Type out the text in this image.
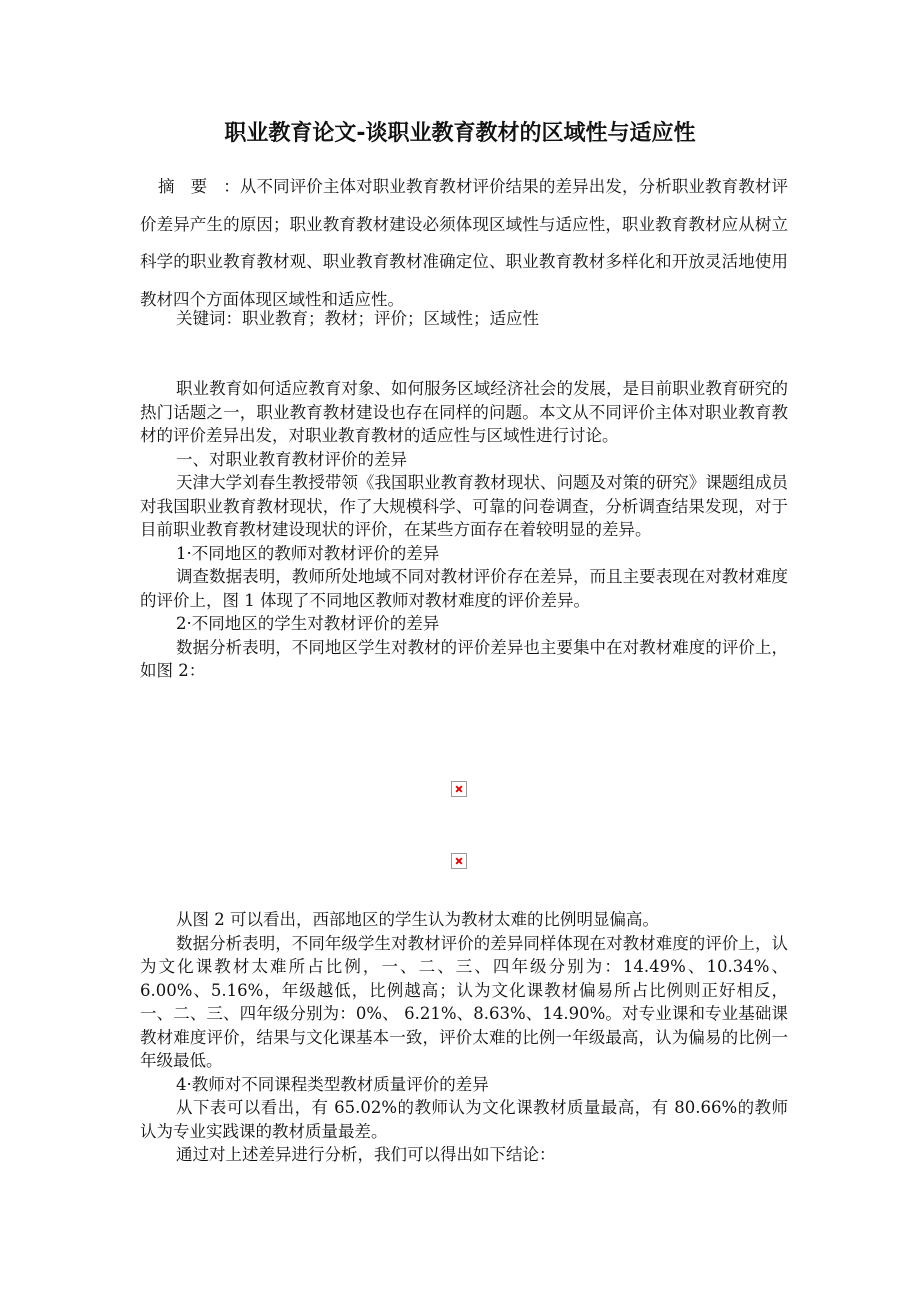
职业教育论文-谈职业教育教材的区域性与适应性
摘要：从不同评价主体对职业教育教材评价结果的差异出发，分析职业教育教材评价差异产生的原因；职业教育教材建设必须体现区域性与适应性，职业教育教材应从树立科学的职业教育教材观、职业教育教材准确定位、职业教育教材多样化和开放灵活地使用教材四个方面体现区域性和适应性。
关键词：职业教育；教材；评价；区域性；适应性

职业教育如何适应教育对象、如何服务区域经济社会的发展，是目前职业教育研究的热门话题之一，职业教育教材建设也存在同样的问题。本文从不同评价主体对职业教育教材的评价差异出发，对职业教育教材的适应性与区域性进行讨论。

一、对职业教育教材评价的差异

天津大学刘春生教授带领《我国职业教育教材现状、问题及对策的研究》课题组成员对我国职业教育教材现状，作了大规模科学、可靠的问卷调查，分析调查结果发现，对于目前职业教育教材建设现状的评价，在某些方面存在着较明显的差异。

1·不同地区的教师对教材评价的差异

调查数据表明，教师所处地域不同对教材评价存在差异，而且主要表现在对教材难度的评价上，图 1 体现了不同地区教师对教材难度的评价差异。

2·不同地区的学生对教材评价的差异

数据分析表明，不同地区学生对教材的评价差异也主要集中在对教材难度的评价上，如图 2：

从图 2 可以看出，西部地区的学生认为教材太难的比例明显偏高。

数据分析表明，不同年级学生对教材评价的差异同样体现在对教材难度的评价上，认为文化课教材太难所占比例，一、二、三、四年级分别为：14.49%、10.34%、6.00%、5.16%，年级越低，比例越高；认为文化课教材偏易所占比例则正好相反，一、二、三、四年级分别为：0%、 6.21%、8.63%、14.90%。对专业课和专业基础课教材难度评价，结果与文化课基本一致，评价太难的比例一年级最高，认为偏易的比例一年级最低。

4·教师对不同课程类型教材质量评价的差异

从下表可以看出，有 65.02%的教师认为文化课教材质量最高，有 80.66%的教师认为专业实践课的教材质量最差。

通过对上述差异进行分析，我们可以得出如下结论：
